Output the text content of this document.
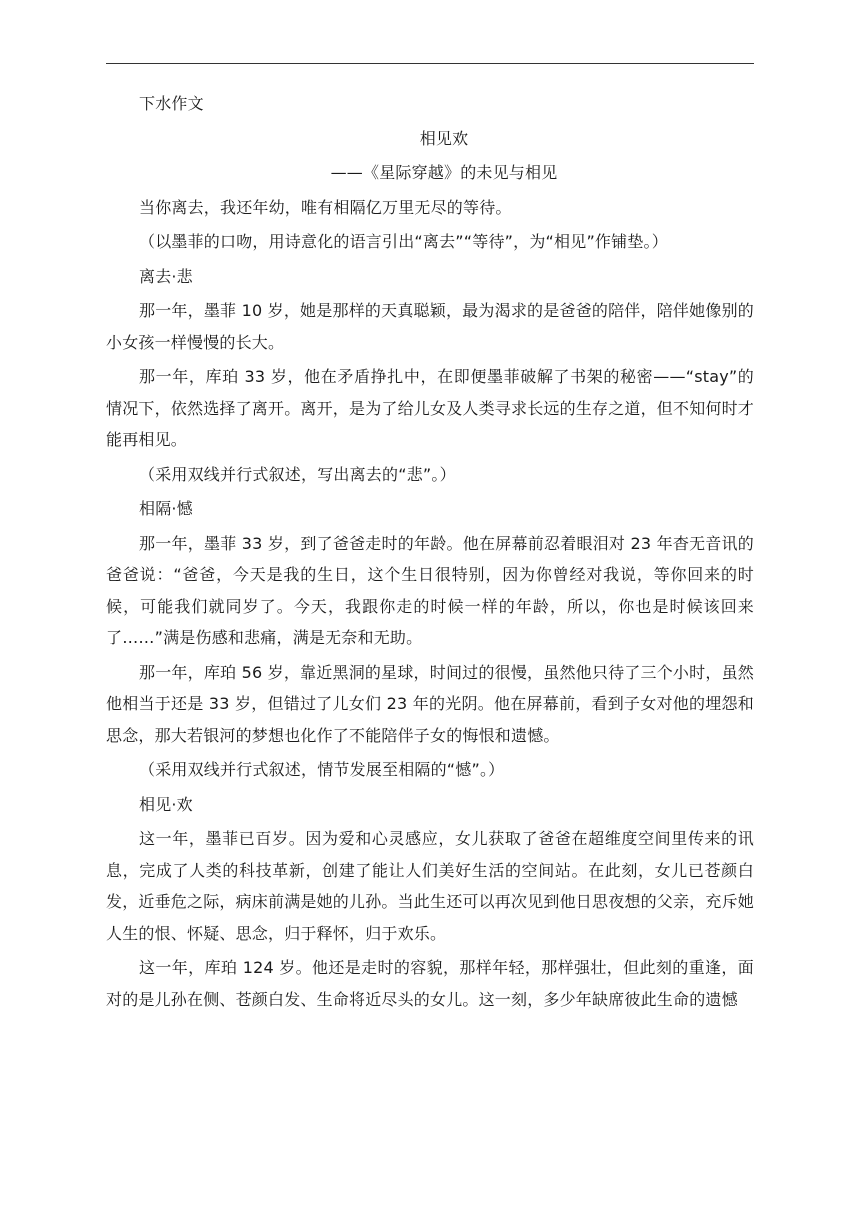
下水作文

相见欢

——《星际穿越》的未见与相见

当你离去，我还年幼，唯有相隔亿万里无尽的等待。

（以墨菲的口吻，用诗意化的语言引出“离去”“等待”，为“相见”作铺垫。）

离去·悲

那一年，墨菲 10 岁，她是那样的天真聪颖，最为渴求的是爸爸的陪伴，陪伴她像别的小女孩一样慢慢的长大。

那一年，库珀 33 岁，他在矛盾挣扎中，在即便墨菲破解了书架的秘密——“stay”的情况下，依然选择了离开。离开，是为了给儿女及人类寻求长远的生存之道，但不知何时才能再相见。

（采用双线并行式叙述，写出离去的“悲”。）

相隔·憾

那一年，墨菲 33 岁，到了爸爸走时的年龄。他在屏幕前忍着眼泪对 23 年杳无音讯的爸爸说：“爸爸，今天是我的生日，这个生日很特别，因为你曾经对我说，等你回来的时候，可能我们就同岁了。今天，我跟你走的时候一样的年龄，所以，你也是时候该回来了……”满是伤感和悲痛，满是无奈和无助。

那一年，库珀 56 岁，靠近黑洞的星球，时间过的很慢，虽然他只待了三个小时，虽然他相当于还是 33 岁，但错过了儿女们 23 年的光阴。他在屏幕前，看到子女对他的埋怨和思念，那大若银河的梦想也化作了不能陪伴子女的悔恨和遗憾。

（采用双线并行式叙述，情节发展至相隔的“憾”。）

相见·欢

这一年，墨菲已百岁。因为爱和心灵感应，女儿获取了爸爸在超维度空间里传来的讯息，完成了人类的科技革新，创建了能让人们美好生活的空间站。在此刻，女儿已苍颜白发，近垂危之际，病床前满是她的儿孙。当此生还可以再次见到他日思夜想的父亲，充斥她人生的恨、怀疑、思念，归于释怀，归于欢乐。

这一年，库珀 124 岁。他还是走时的容貌，那样年轻，那样强壮，但此刻的重逢，面对的是儿孙在侧、苍颜白发、生命将近尽头的女儿。这一刻，多少年缺席彼此生命的遗憾
